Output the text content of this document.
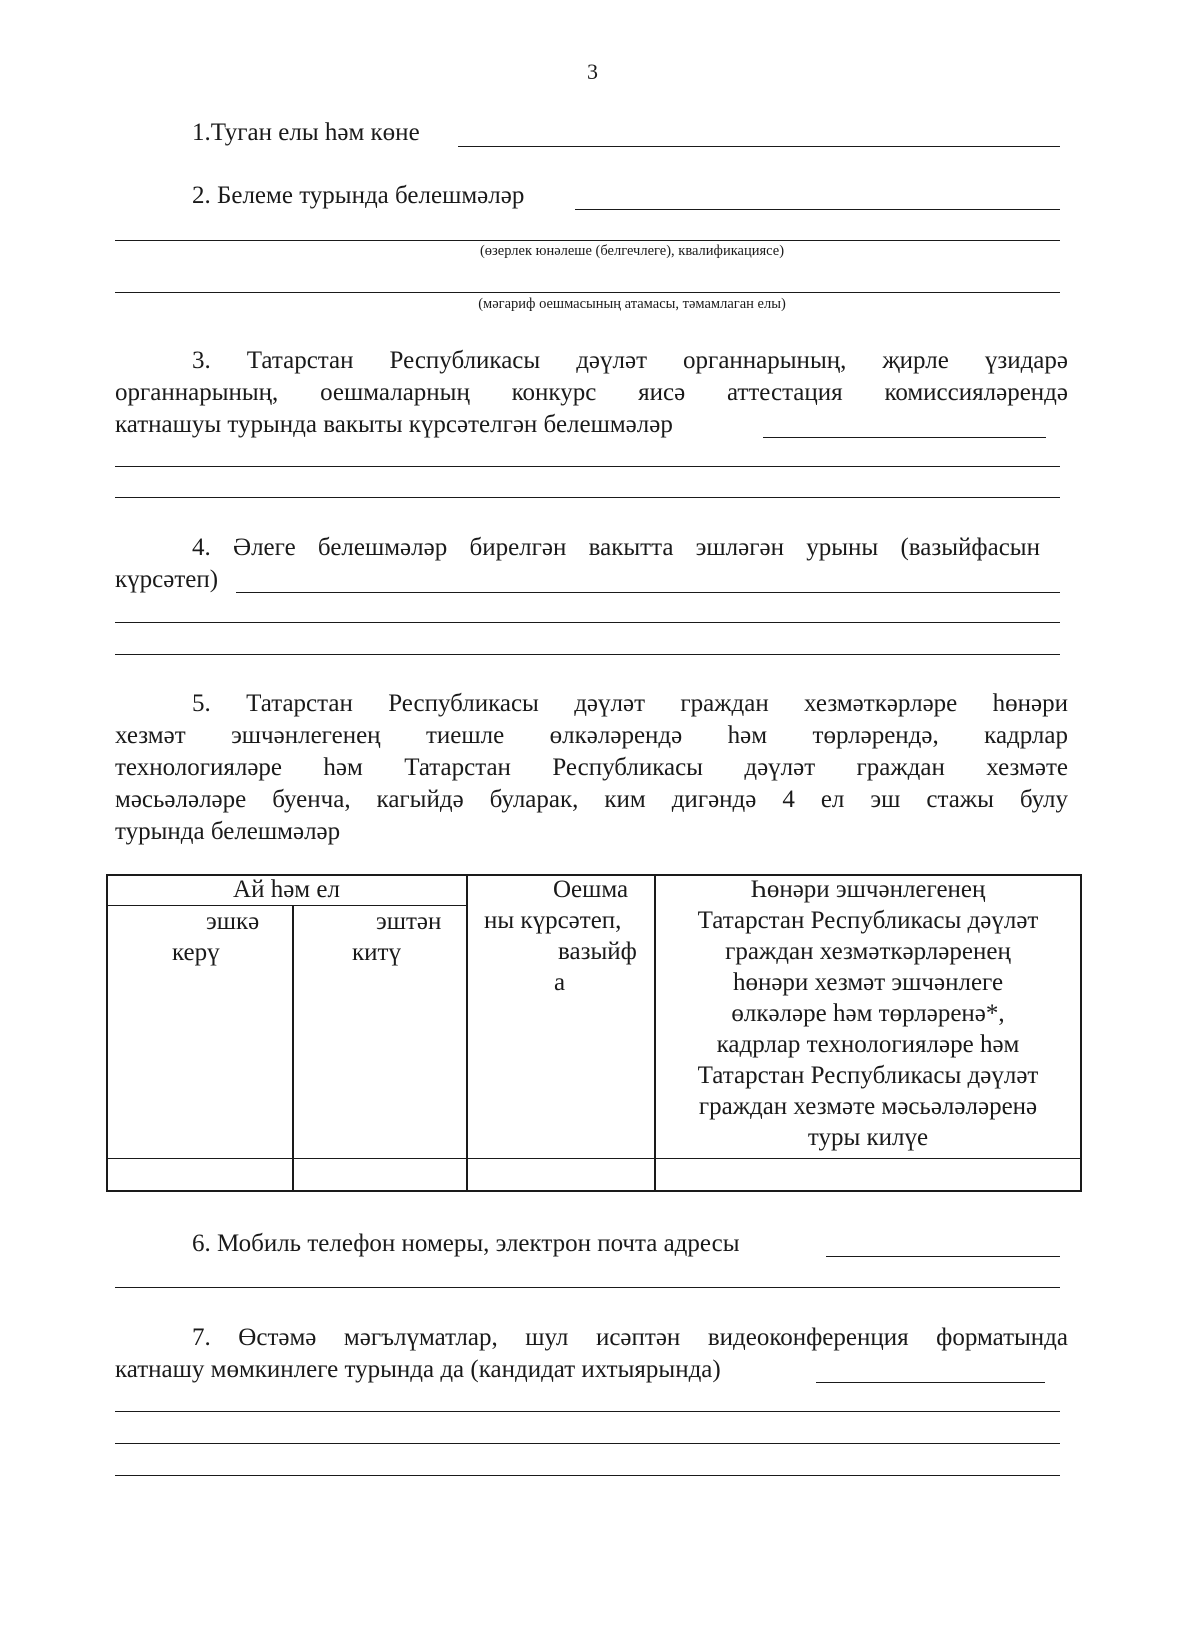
3
1.Туган елы һәм көне
2. Белеме турында белешмәләр
(өзерлек юнәлеше (белгечлеге), квалификациясе)
(мәгариф оешмасының атамасы, тәмамлаган елы)
3. Татарстан Республикасы дәүләт органнарының, җирле үзидарә
органнарының, оешмаларның конкурс яисә аттестация комиссияләрендә
катнашуы турында вакыты күрсәтелгән белешмәләр
4. Әлеге белешмәләр бирелгән вакытта эшләгән урыны (вазыйфасын
күрсәтеп)
5. Татарстан Республикасы дәүләт граждан хезмәткәрләре һөнәри
хезмәт эшчәнлегенең тиешле өлкәләрендә һәм төрләрендә, кадрлар
технологияләре һәм Татарстан Республикасы дәүләт граждан хезмәте
мәсьәләләре буенча, кагыйдә буларак, ким дигәндә 4 ел эш стажы булу
турында белешмәләр
Ай һәм ел
эшкә
керү
эштән
китү
Оешма
ны күрсәтеп,
вазыйф
а
Һөнәри эшчәнлегенең
Татарстан Республикасы дәүләт
граждан хезмәткәрләренең
һөнәри хезмәт эшчәнлеге
өлкәләре һәм төрләренә*,
кадрлар технологияләре һәм
Татарстан Республикасы дәүләт
граждан хезмәте мәсьәләләренә
туры килүе
6. Мобиль телефон номеры, электрон почта адресы
7. Өстәмә мәгълүматлар, шул исәптән видеоконференция форматында
катнашу мөмкинлеге турында да (кандидат ихтыярында)
